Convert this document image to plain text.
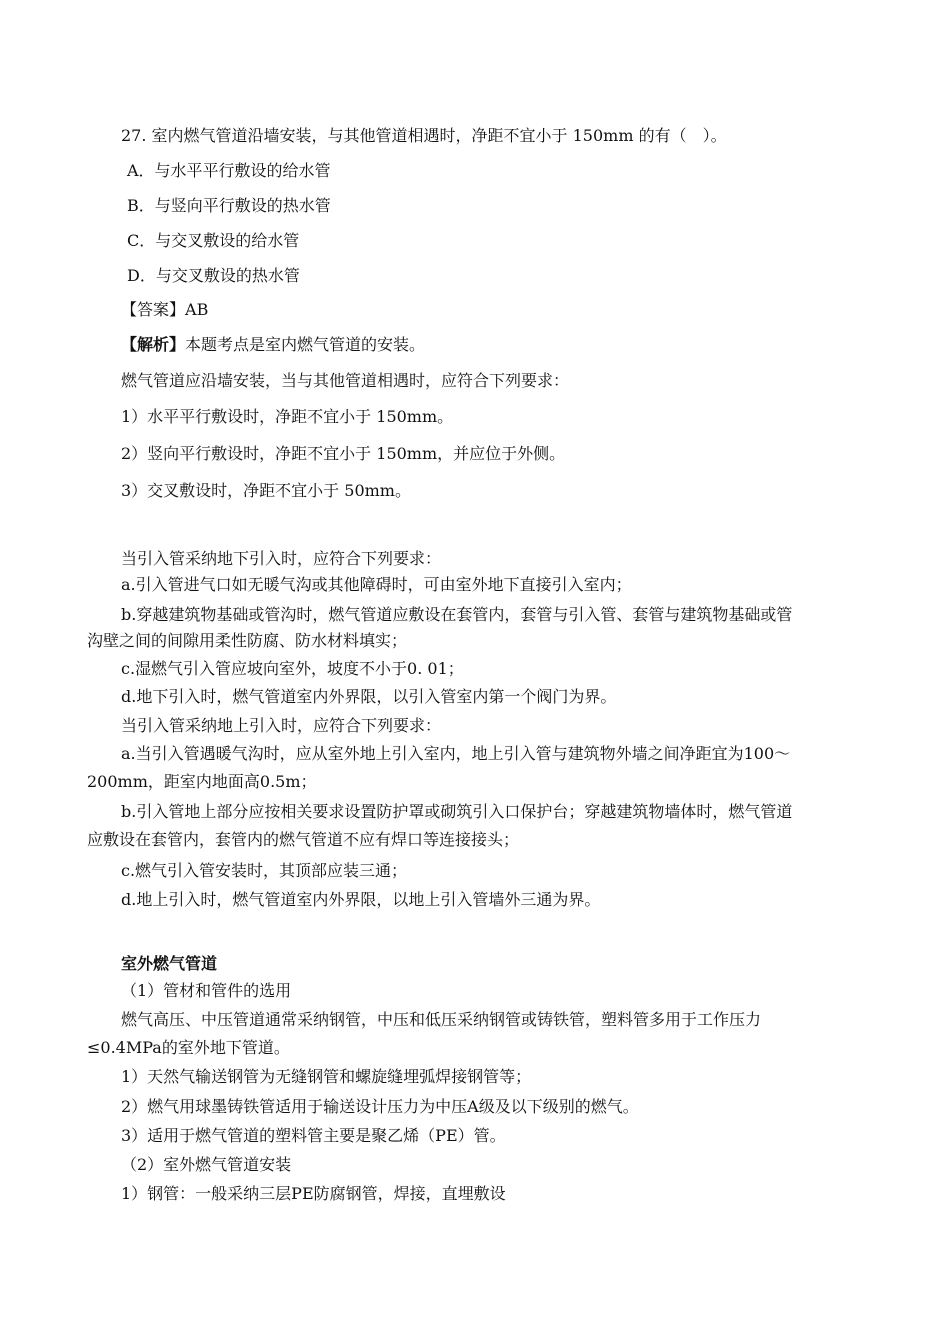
27. 室内燃气管道沿墙安装，与其他管道相遇时，净距不宜小于 150mm 的有（　）。
A．与水平平行敷设的给水管
B．与竖向平行敷设的热水管
C．与交叉敷设的给水管
D．与交叉敷设的热水管
【答案】AB
【解析】本题考点是室内燃气管道的安装。
燃气管道应沿墙安装，当与其他管道相遇时，应符合下列要求：
1）水平平行敷设时，净距不宜小于 150mm。
2）竖向平行敷设时，净距不宜小于 150mm，并应位于外侧。
3）交叉敷设时，净距不宜小于 50mm。
当引入管采纳地下引入时，应符合下列要求：
a.引入管进气口如无暖气沟或其他障碍时，可由室外地下直接引入室内；
b.穿越建筑物基础或管沟时，燃气管道应敷设在套管内，套管与引入管、套管与建筑物基础或管
沟壁之间的间隙用柔性防腐、防水材料填实；
c.湿燃气引入管应坡向室外，坡度不小于0. 01；
d.地下引入时，燃气管道室内外界限，以引入管室内第一个阀门为界。
当引入管采纳地上引入时，应符合下列要求：
a.当引入管遇暖气沟时，应从室外地上引入室内，地上引入管与建筑物外墙之间净距宜为100～
200mm，距室内地面高0.5m；
b.引入管地上部分应按相关要求设置防护罩或砌筑引入口保护台；穿越建筑物墙体时，燃气管道
应敷设在套管内，套管内的燃气管道不应有焊口等连接接头；
c.燃气引入管安装时，其顶部应装三通；
d.地上引入时，燃气管道室内外界限，以地上引入管墙外三通为界。
室外燃气管道
（1）管材和管件的选用
燃气高压、中压管道通常采纳钢管，中压和低压采纳钢管或铸铁管，塑料管多用于工作压力
≤0.4MPa的室外地下管道。
1）天然气输送钢管为无缝钢管和螺旋缝埋弧焊接钢管等；
2）燃气用球墨铸铁管适用于输送设计压力为中压A级及以下级别的燃气。
3）适用于燃气管道的塑料管主要是聚乙烯（PE）管。
（2）室外燃气管道安装
1）钢管：一般采纳三层PE防腐钢管，焊接，直埋敷设
